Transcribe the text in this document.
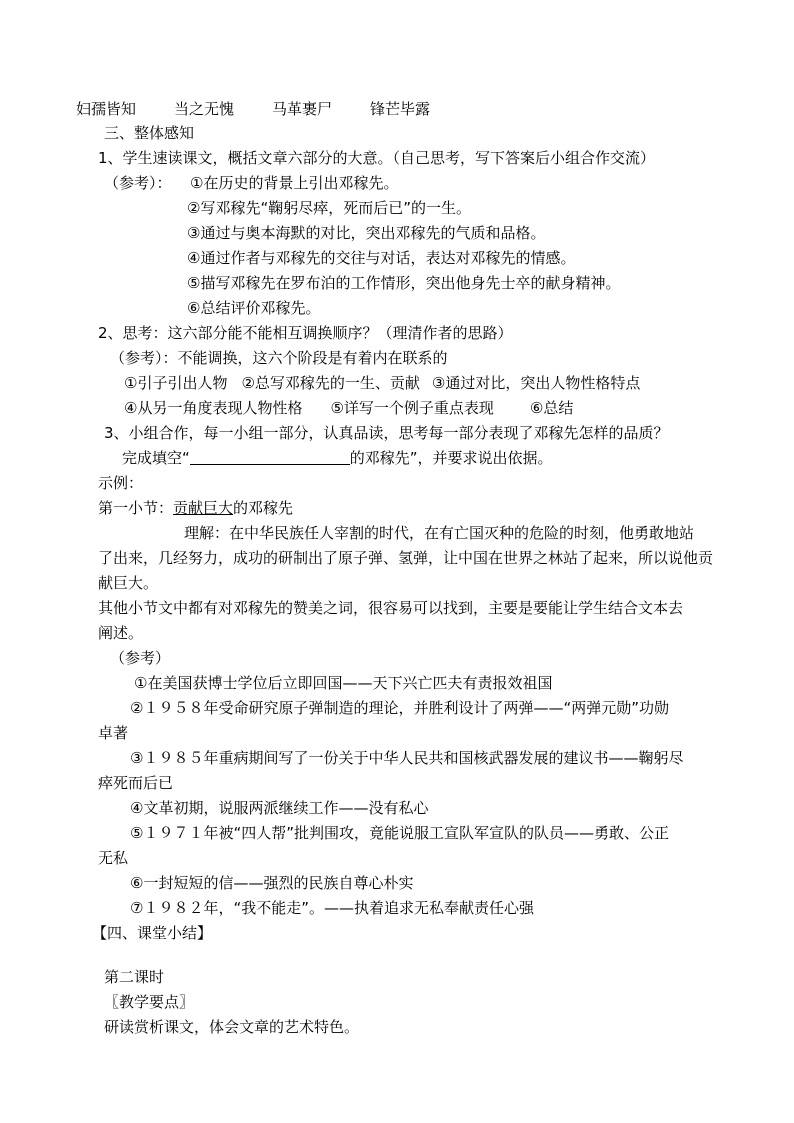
妇孺皆知	当之无愧	马革裹尸	锋芒毕露
三、整体感知
1、学生速读课文，概括文章六部分的大意。（自己思考，写下答案后小组合作交流）
（参考）： ①在历史的背景上引出邓稼先。
②写邓稼先“鞠躬尽瘁，死而后已”的一生。
③通过与奥本海默的对比，突出邓稼先的气质和品格。
④通过作者与邓稼先的交往与对话，表达对邓稼先的情感。
⑤描写邓稼先在罗布泊的工作情形，突出他身先士卒的献身精神。
⑥总结评价邓稼先。
2、思考：这六部分能不能相互调换顺序？（理清作者的思路）
（参考）：不能调换，这六个阶段是有着内在联系的
①引子引出人物 ②总写邓稼先的一生、贡献 ③通过对比，突出人物性格特点
④从另一角度表现人物性格 ⑤详写一个例子重点表现 ⑥总结
3、小组合作，每一小组一部分，认真品读，思考每一部分表现了邓稼先怎样的品质？
完成填空“	的邓稼先”，并要求说出依据。
示例：
第一小节：贡献巨大的邓稼先
理解：在中华民族任人宰割的时代，在有亡国灭种的危险的时刻，他勇敢地站
了出来，几经努力，成功的研制出了原子弹、氢弹，让中国在世界之林站了起来，所以说他贡
献巨大。
其他小节文中都有对邓稼先的赞美之词，很容易可以找到，主要是要能让学生结合文本去
阐述。
（参考）
①在美国获博士学位后立即回国——天下兴亡匹夫有责报效祖国
②１９５８年受命研究原子弹制造的理论，并胜利设计了两弹——“两弹元勋”功勋
卓著
③１９８５年重病期间写了一份关于中华人民共和国核武器发展的建议书——鞠躬尽
瘁死而后已
④文革初期，说服两派继续工作——没有私心
⑤１９７１年被“四人帮”批判围攻，竟能说服工宣队军宣队的队员——勇敢、公正
无私
⑥一封短短的信——强烈的民族自尊心朴实
⑦１９８２年，“我不能走”。——执着追求无私奉献责任心强
【四、课堂小结】
第二课时
〖教学要点〗
研读赏析课文，体会文章的艺术特色。
